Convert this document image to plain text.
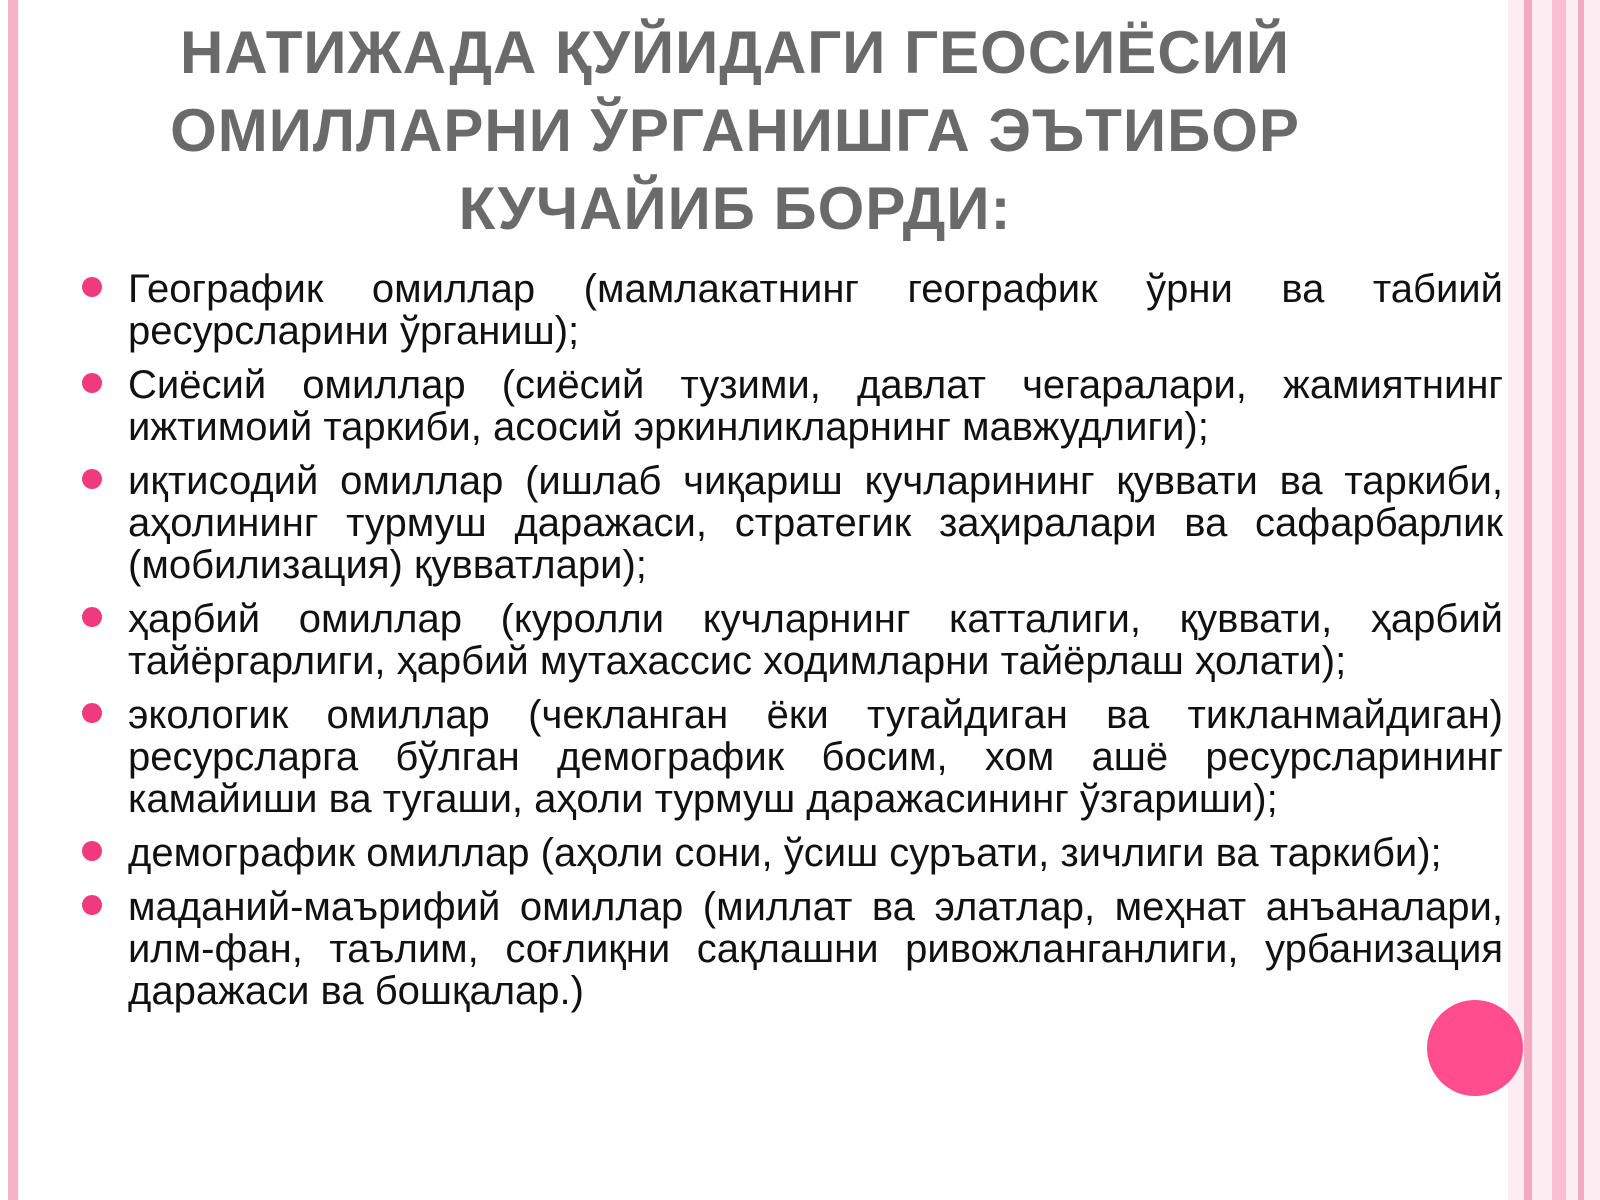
НАТИЖАДА ҚУЙИДАГИ ГЕОСИЁСИЙ
ОМИЛЛАРНИ ЎРГАНИШГА ЭЪТИБОР
КУЧАЙИБ БОРДИ:
Географик омиллар (мамлакатнинг географик ўрни ва табиий ресурсларини ўрганиш);
Сиёсий омиллар (сиёсий тузими, давлат чегаралари, жамиятнинг ижтимоий таркиби, асосий эркинликларнинг мавжудлиги);
иқтисодий омиллар (ишлаб чиқариш кучларининг қуввати ва таркиби, аҳолининг турмуш даражаси, стратегик заҳиралари ва сафарбарлик (мобилизация) қувватлари);
ҳарбий омиллар (куролли кучларнинг катталиги, қуввати, ҳарбий тайёргарлиги, ҳарбий мутахассис ходимларни тайёрлаш ҳолати);
экологик омиллар (чекланган ёки тугайдиган ва тикланмайдиган) ресурсларга бўлган демографик босим, хом ашё ресурсларининг камайиши ва тугаши, аҳоли турмуш даражасининг ўзгариши);
демографик омиллар (аҳоли сони, ўсиш суръати, зичлиги ва таркиби);
маданий-маърифий омиллар (миллат ва элатлар, меҳнат анъаналари, илм-фан, таълим, соғлиқни сақлашни ривожланганлиги, урбанизация даражаси ва бошқалар.)
